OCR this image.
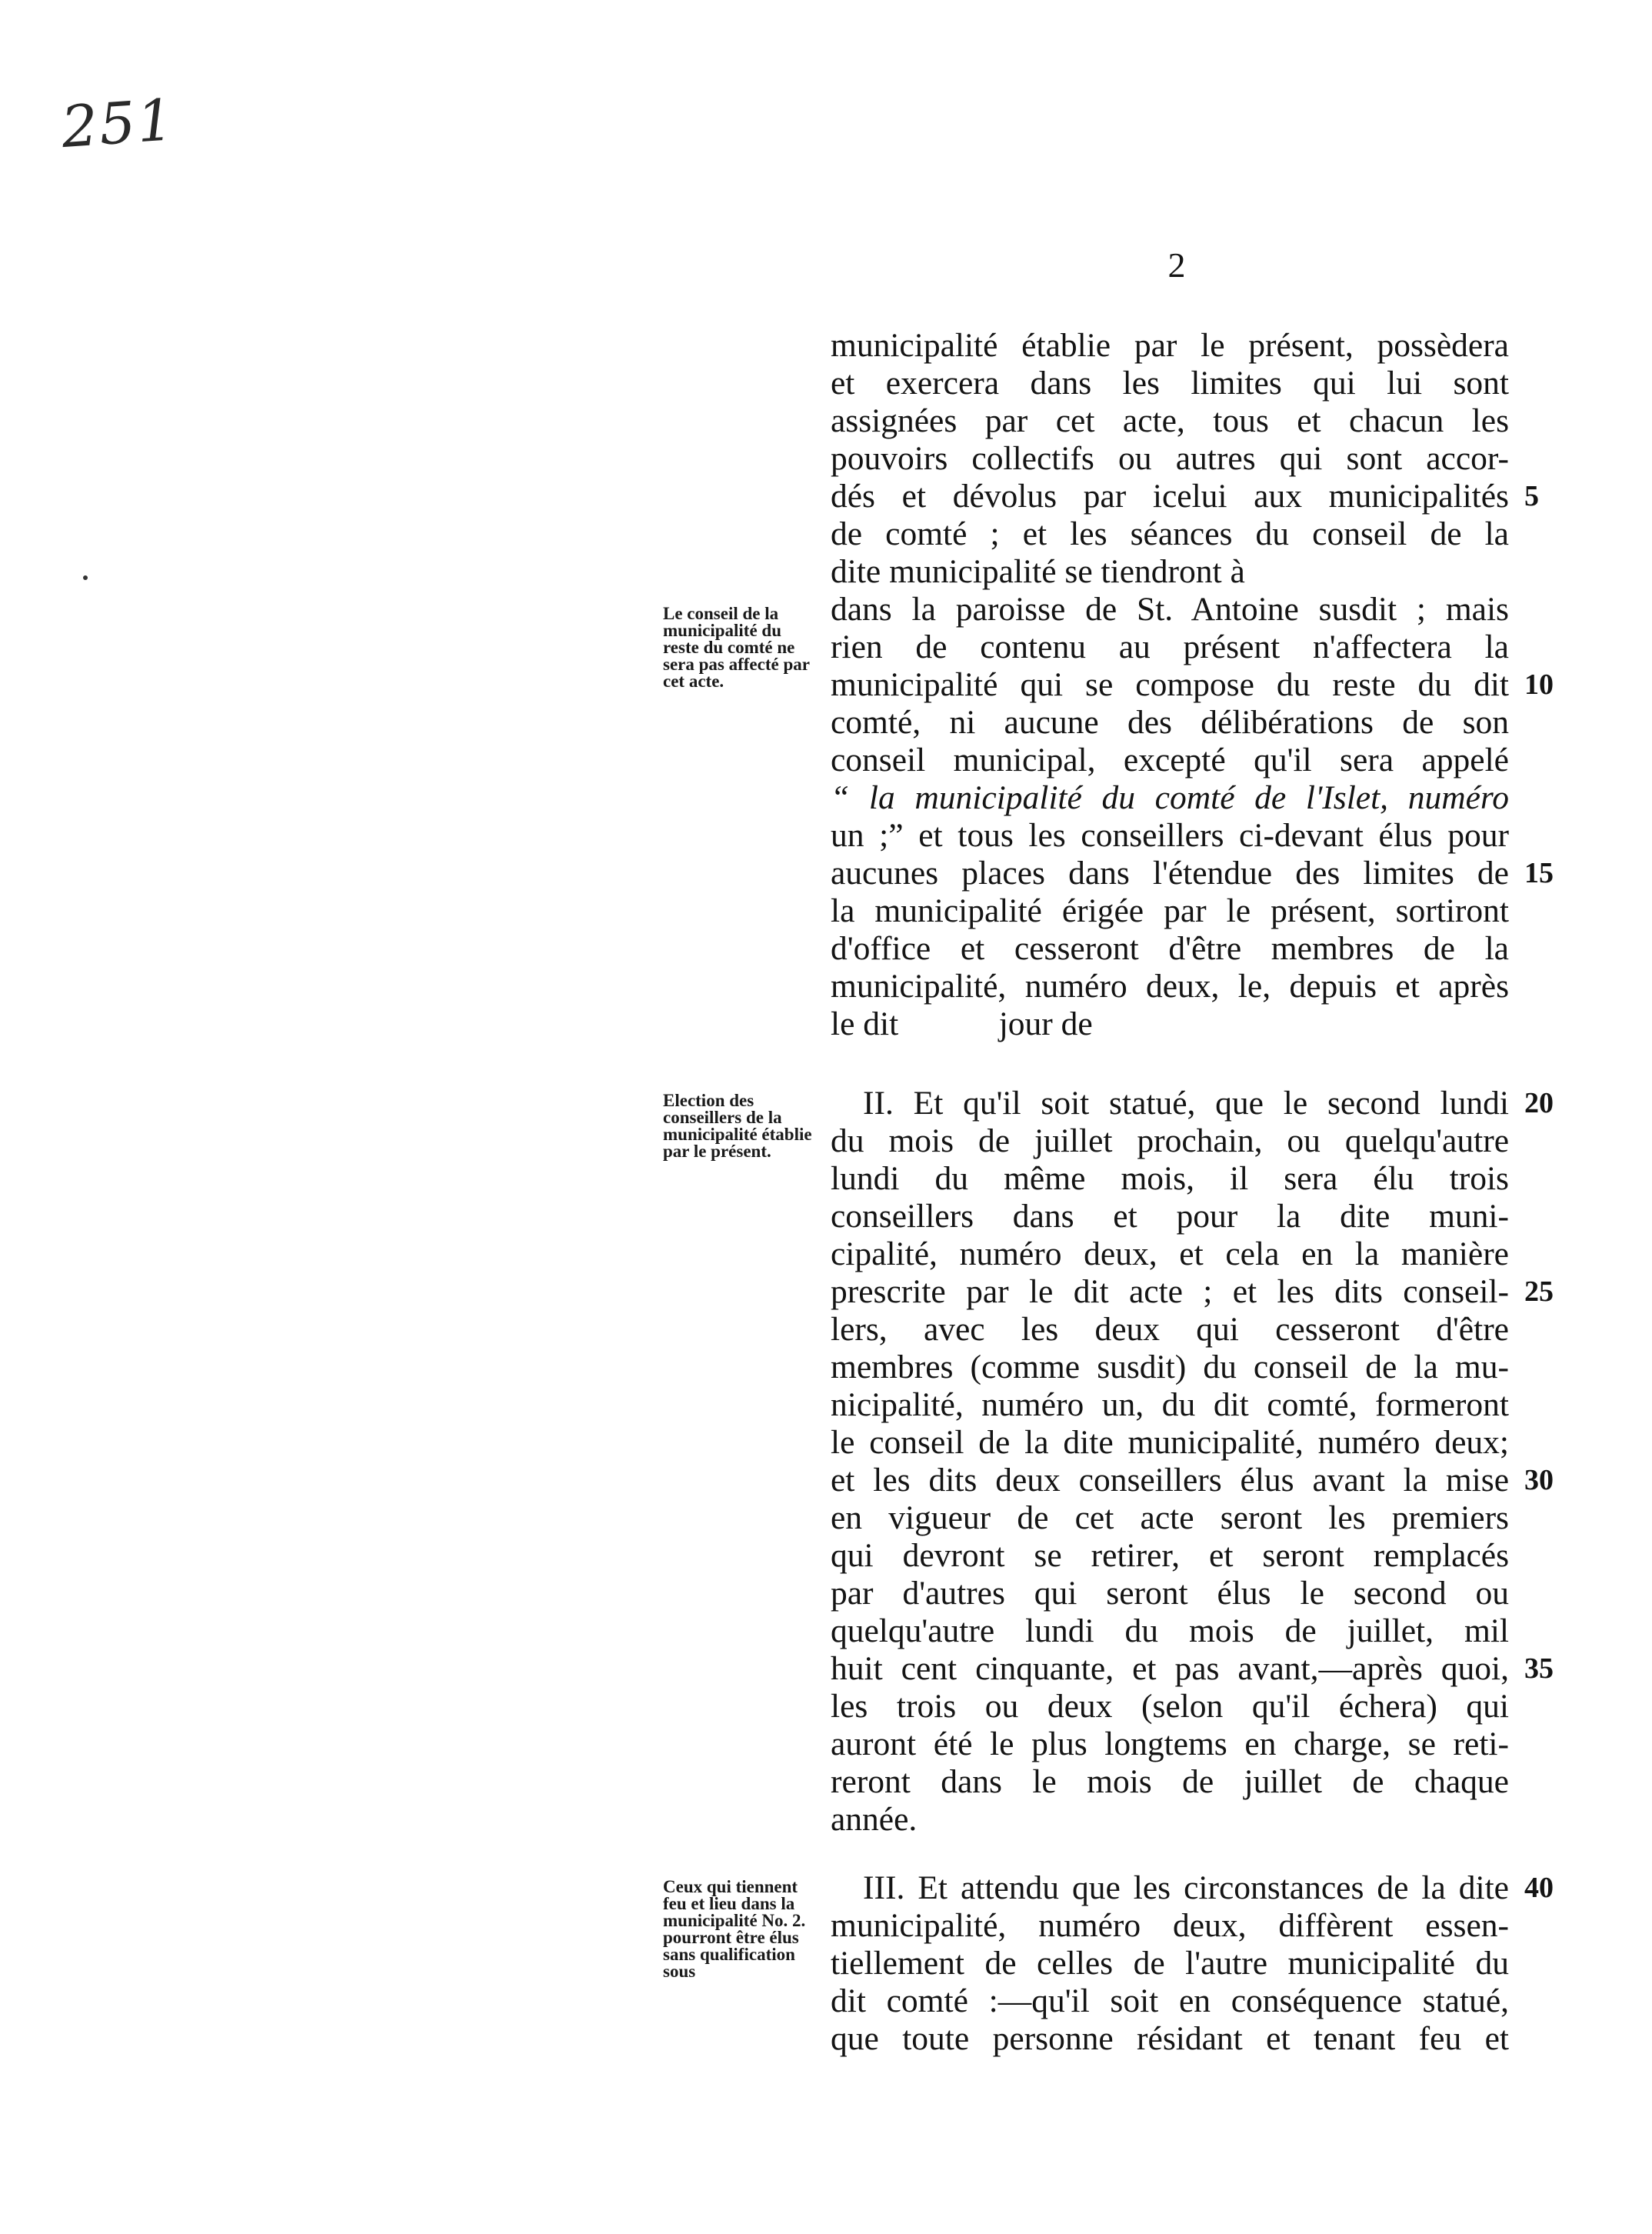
251
2
Le conseil de la municipalité du reste du comté ne sera pas affecté par cet acte.
municipalité établie par le présent, possèdera
et exercera dans les limites qui lui sont
assignées par cet acte, tous et chacun les
pouvoirs collectifs ou autres qui sont accor-
dés et dévolus par icelui aux municipalités
de comté ; et les séances du conseil de la
dite municipalité se tiendront à
dans la paroisse de St. Antoine susdit ; mais
rien de contenu au présent n'affectera la
municipalité qui se compose du reste du dit
comté, ni aucune des délibérations de son
conseil municipal, excepté qu'il sera appelé
“ la municipalité du comté de l'Islet, numéro
un ;” et tous les conseillers ci-devant élus pour
aucunes places dans l'étendue des limites de
la municipalité érigée par le présent, sortiront
d'office et cesseront d'être membres de la
municipalité, numéro deux, le, depuis et après
le dit            jour de
5
10
15
Election des conseillers de la municipalité établie par le présent.
II. Et qu'il soit statué, que le second lundi
du mois de juillet prochain, ou quelqu'autre
lundi du même mois, il sera élu trois
conseillers dans et pour la dite muni-
cipalité, numéro deux, et cela en la manière
prescrite par le dit acte ; et les dits conseil-
lers, avec les deux qui cesseront d'être
membres (comme susdit) du conseil de la mu-
nicipalité, numéro un, du dit comté, formeront
le conseil de la dite municipalité, numéro deux;
et les dits deux conseillers élus avant la mise
en vigueur de cet acte seront les premiers
qui devront se retirer, et seront remplacés
par d'autres qui seront élus le second ou
quelqu'autre lundi du mois de juillet, mil
huit cent cinquante, et pas avant,—après quoi,
les trois ou deux (selon qu'il échera) qui
auront été le plus longtems en charge, se reti-
reront dans le mois de juillet de chaque
année.
20
25
30
35
Ceux qui tiennent feu et lieu dans la municipalité No. 2. pourront être élus sans qualification sous
III. Et attendu que les circonstances de la dite
municipalité, numéro deux, diffèrent essen-
tiellement de celles de l'autre municipalité du
dit comté :—qu'il soit en conséquence statué,
que toute personne résidant et tenant feu et
40
